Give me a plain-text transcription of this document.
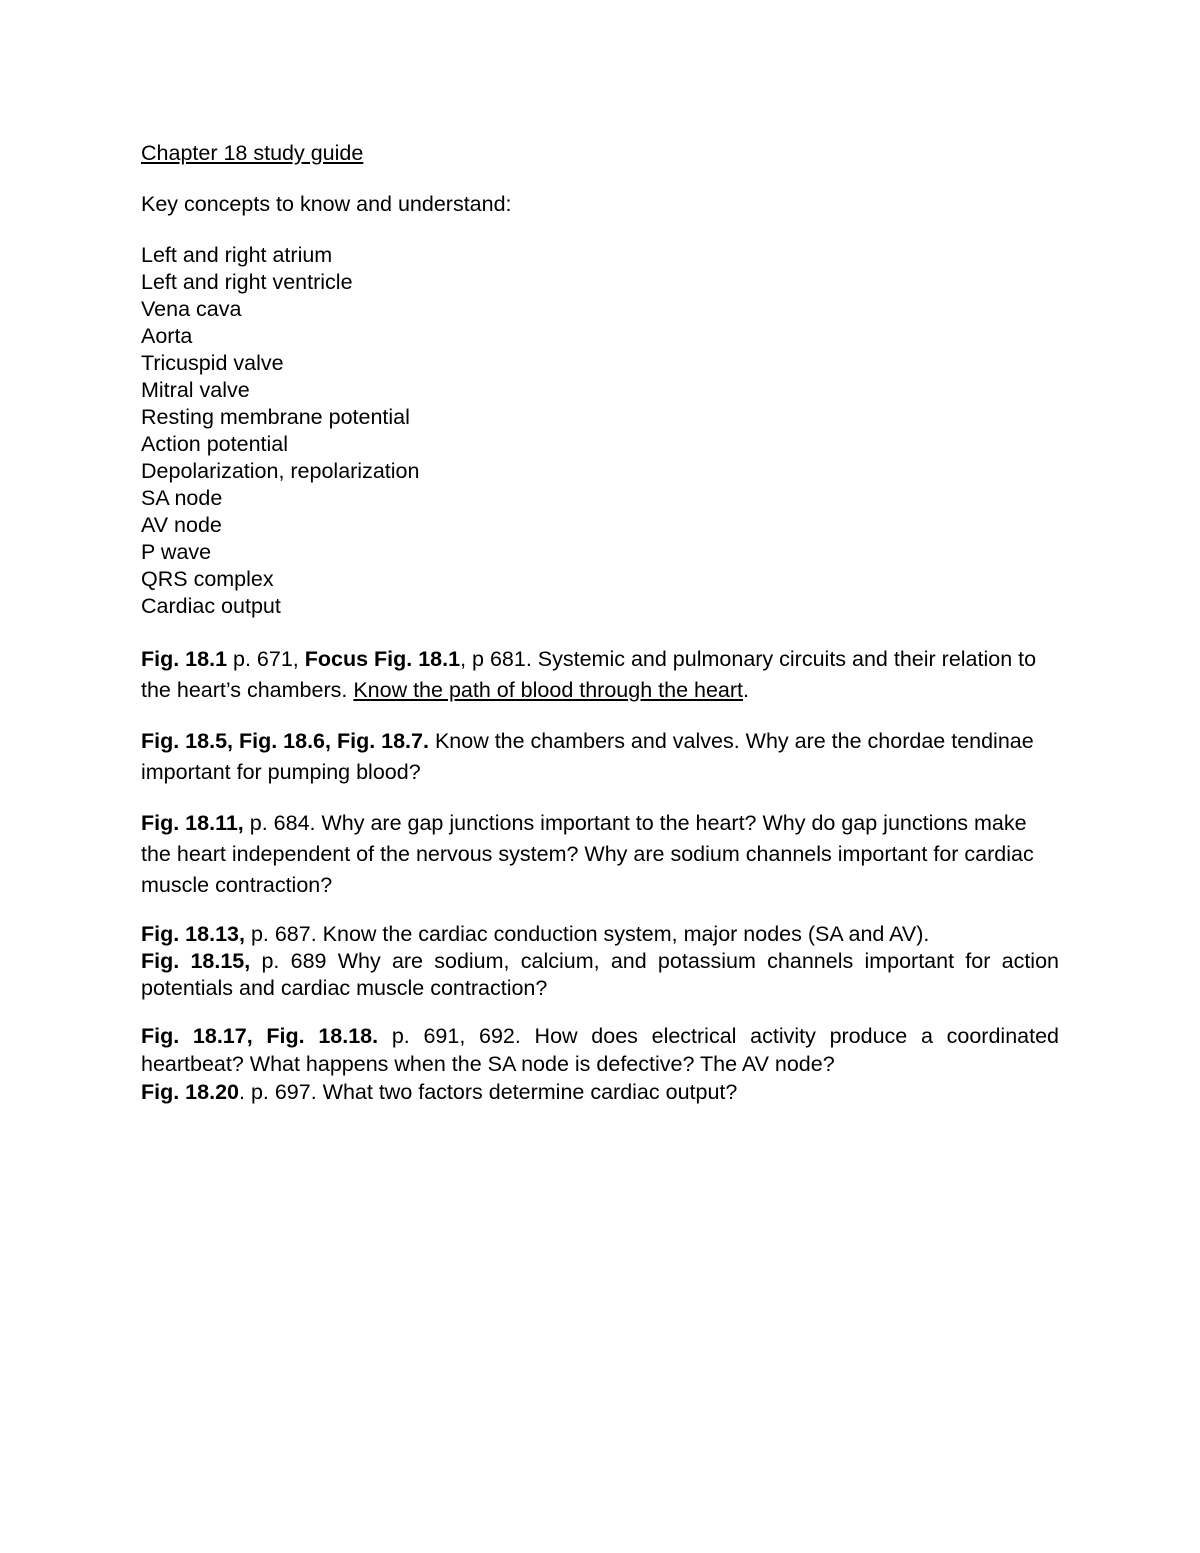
Chapter 18 study guide

Key concepts to know and understand:

Left and right atrium
Left and right ventricle
Vena cava
Aorta
Tricuspid valve
Mitral valve
Resting membrane potential
Action potential
Depolarization, repolarization
SA node
AV node
P wave
QRS complex
Cardiac output

Fig. 18.1 p. 671, Focus Fig. 18.1, p 681. Systemic and pulmonary circuits and their relation to the heart’s chambers. Know the path of blood through the heart.

Fig. 18.5, Fig. 18.6, Fig. 18.7. Know the chambers and valves. Why are the chordae tendinae important for pumping blood?

Fig. 18.11, p. 684. Why are gap junctions important to the heart? Why do gap junctions make the heart independent of the nervous system? Why are sodium channels important for cardiac muscle contraction?

Fig. 18.13, p. 687. Know the cardiac conduction system, major nodes (SA and AV).

Fig. 18.15, p. 689 Why are sodium, calcium, and potassium channels important for action potentials and cardiac muscle contraction?

Fig. 18.17, Fig. 18.18. p. 691, 692. How does electrical activity produce a coordinated heartbeat? What happens when the SA node is defective? The AV node?

Fig. 18.20. p. 697. What two factors determine cardiac output?
